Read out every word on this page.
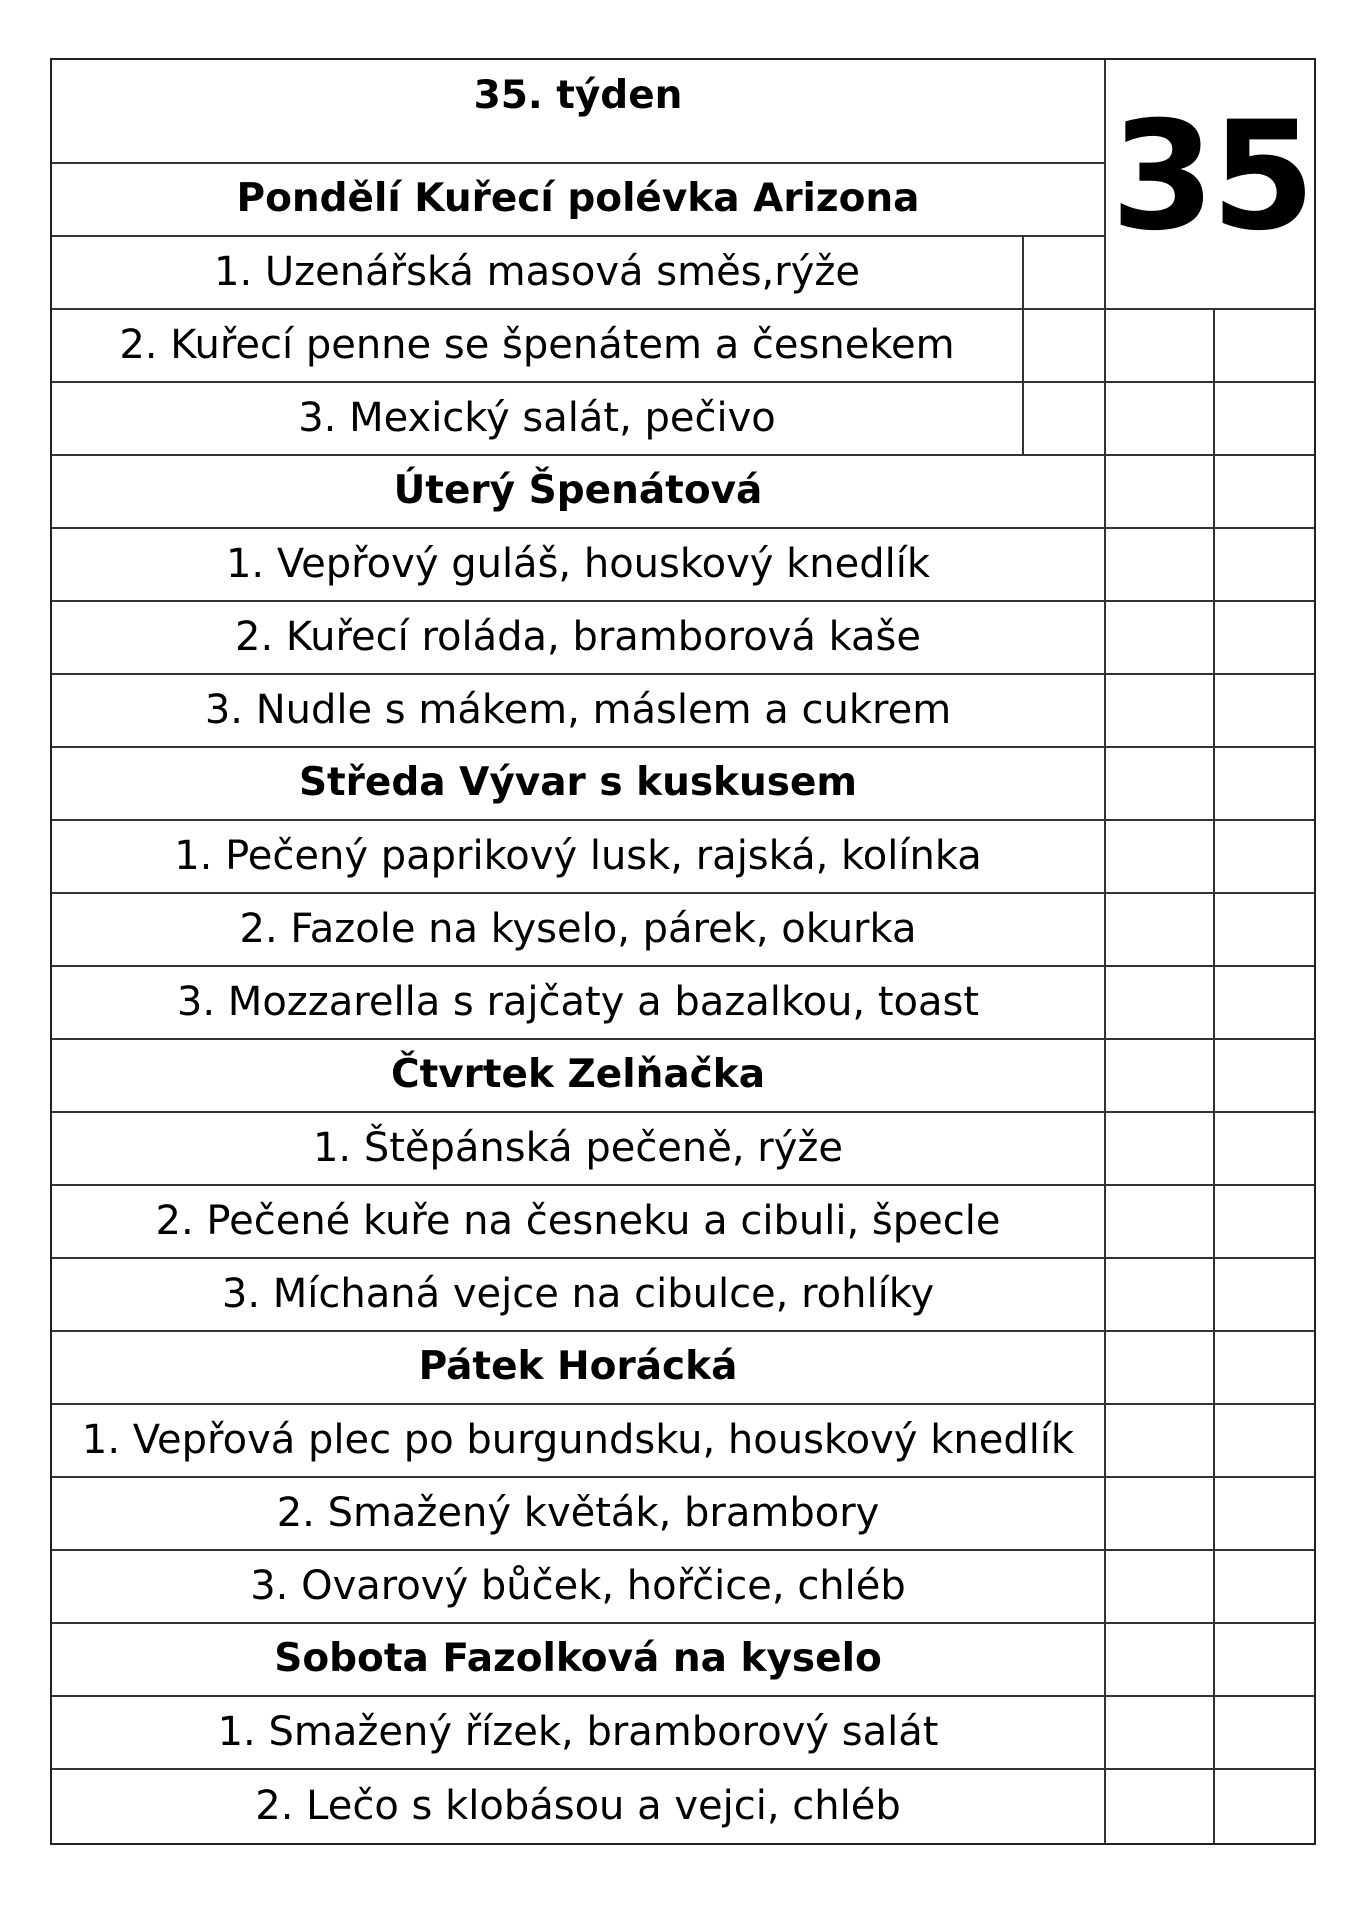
35
35. týden
Pondělí Kuřecí polévka Arizona
1. Uzenářská masová směs,rýže
2. Kuřecí penne se špenátem a česnekem
3. Mexický salát, pečivo
Úterý Špenátová
1. Vepřový guláš, houskový knedlík
2. Kuřecí roláda, bramborová kaše
3. Nudle s mákem, máslem a cukrem
Středa Vývar s kuskusem
1. Pečený paprikový lusk, rajská, kolínka
2. Fazole na kyselo, párek, okurka
3. Mozzarella s rajčaty a bazalkou, toast
Čtvrtek Zelňačka
1. Štěpánská pečeně, rýže
2. Pečené kuře na česneku a cibuli, špecle
3. Míchaná vejce na cibulce, rohlíky
Pátek Horácká
1. Vepřová plec po burgundsku, houskový knedlík
2. Smažený květák, brambory
3. Ovarový bůček, hořčice, chléb
Sobota Fazolková na kyselo
1. Smažený řízek, bramborový salát
2. Lečo s klobásou a vejci, chléb
